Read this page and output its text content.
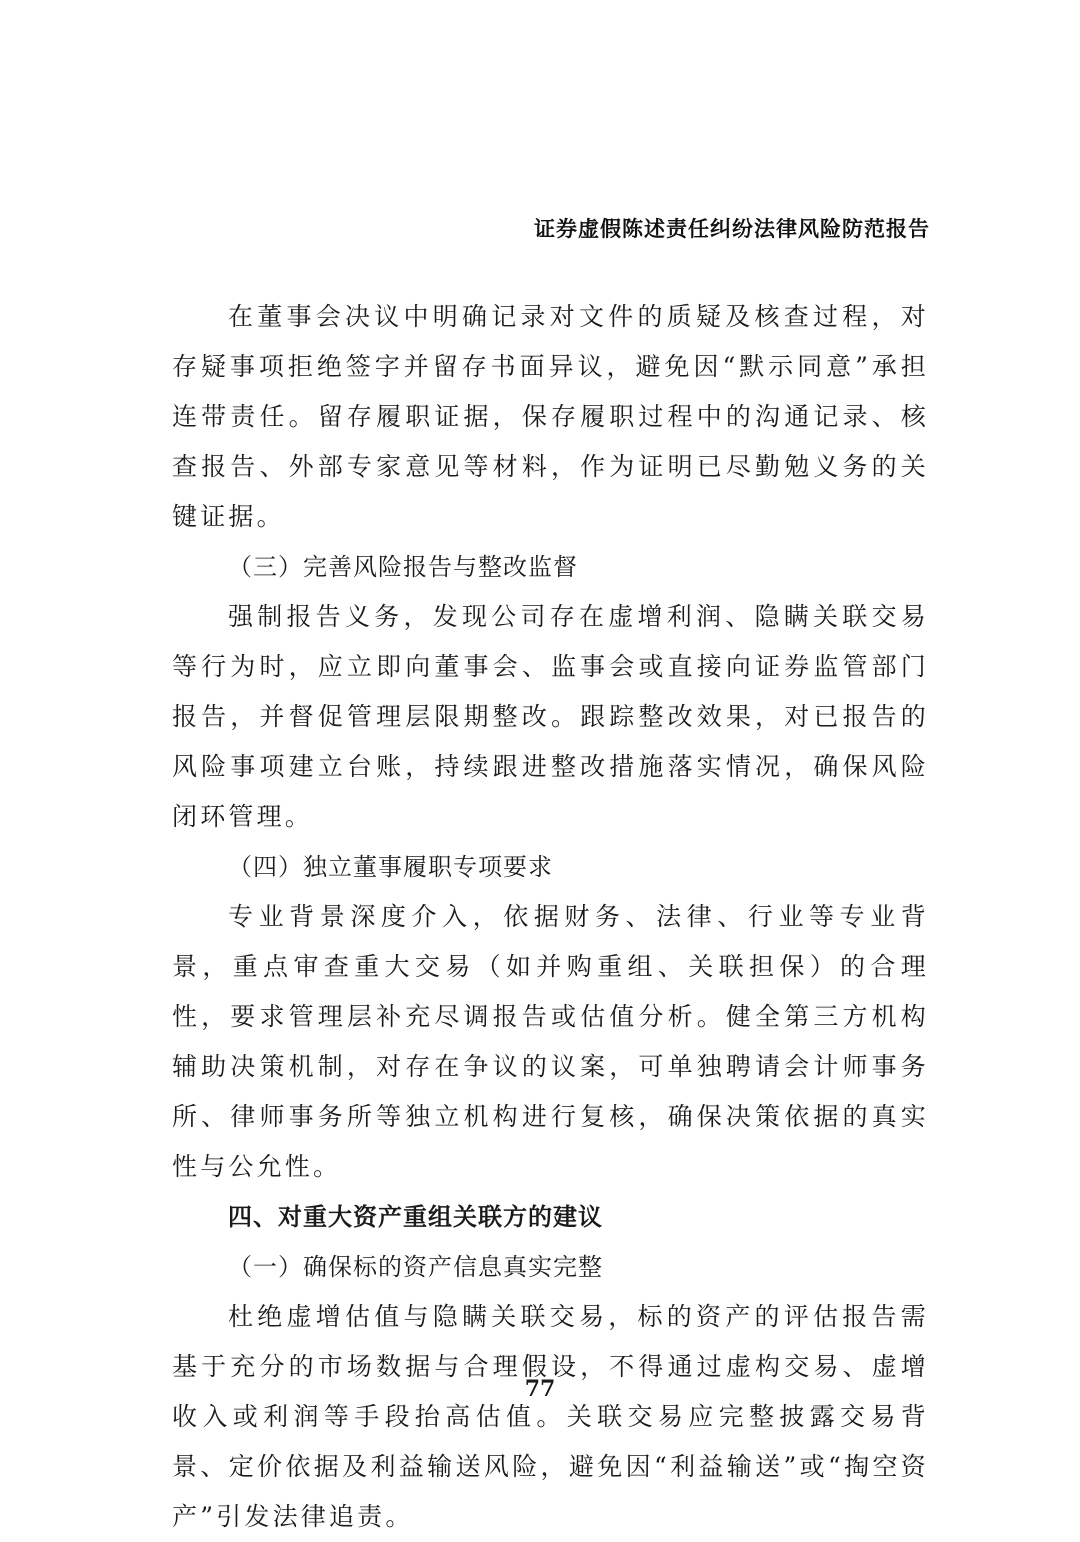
证券虚假陈述责任纠纷法律风险防范报告

在董事会决议中明确记录对文件的质疑及核查过程，对存疑事项拒绝签字并留存书面异议，避免因“默示同意”承担连带责任。留存履职证据，保存履职过程中的沟通记录、核查报告、外部专家意见等材料，作为证明已尽勤勉义务的关键证据。

（三）完善风险报告与整改监督

强制报告义务，发现公司存在虚增利润、隐瞒关联交易等行为时，应立即向董事会、监事会或直接向证券监管部门报告，并督促管理层限期整改。跟踪整改效果，对已报告的风险事项建立台账，持续跟进整改措施落实情况，确保风险闭环管理。

（四）独立董事履职专项要求

专业背景深度介入，依据财务、法律、行业等专业背景，重点审查重大交易（如并购重组、关联担保）的合理性，要求管理层补充尽调报告或估值分析。健全第三方机构辅助决策机制，对存在争议的议案，可单独聘请会计师事务所、律师事务所等独立机构进行复核，确保决策依据的真实性与公允性。

四、对重大资产重组关联方的建议

（一）确保标的资产信息真实完整

杜绝虚增估值与隐瞒关联交易，标的资产的评估报告需基于充分的市场数据与合理假设，不得通过虚构交易、虚增收入或利润等手段抬高估值。关联交易应完整披露交易背景、定价依据及利益输送风险，避免因“利益输送”或“掏空资产”引发法律追责。

77
